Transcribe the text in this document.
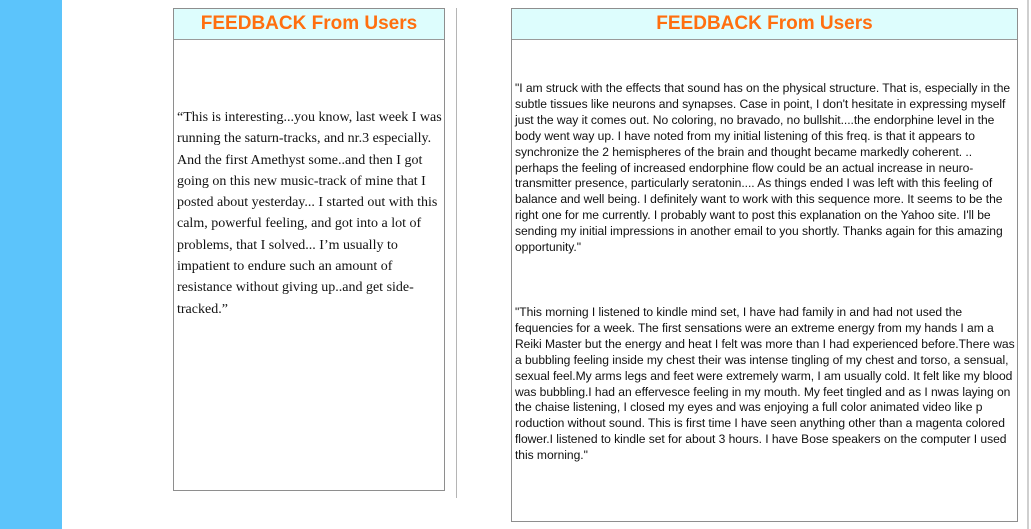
FEEDBACK From Users
“This is interesting...you know, last week I was running the saturn-tracks, and nr.3 especially. And the first Amethyst some..and then I got going on this new music-track of mine that I posted about yesterday... I started out with this calm, powerful feeling, and got into a lot of problems, that I solved... I’m usually to impatient to endure such an amount of resistance without giving up..and get side-tracked.”
FEEDBACK From Users
"I am struck with the effects that sound has on the physical structure. That is, especially in the subtle tissues like neurons and synapses. Case in point, I don't hesitate in expressing myself just the way it comes out. No coloring, no bravado, no bullshit....the endorphine level in the body went way up. I have noted from my initial listening of this freq. is that it appears to synchronize the 2 hemispheres of the brain and thought became markedly coherent. .. perhaps the feeling of increased endorphine flow could be an actual increase in neuro-transmitter presence, particularly seratonin.... As things ended I was left with this feeling of balance and well being. I definitely want to work with this sequence more. It seems to be the right one for me currently. I probably want to post this explanation on the Yahoo site. I'll be sending my initial impressions in another email to you shortly. Thanks again for this amazing opportunity."
"This morning I listened to kindle mind set, I have had family in and had not used the fequencies for a week. The first sensations were an extreme energy from my hands I am a Reiki Master but the energy and heat I felt was more than I had experienced before.There was a bubbling feeling inside my chest their was intense tingling of my chest and torso, a sensual, sexual feel.My arms legs and feet were extremely warm, I am usually cold. It felt like my blood was bubbling.I had an effervesce feeling in my mouth. My feet tingled and as I nwas laying on the chaise listening, I closed my eyes and was enjoying a full color animated video like p roduction without sound. This is first time I have seen anything other than a magenta colored flower.I listened to kindle set for about 3 hours. I have Bose speakers on the computer I used this morning."
